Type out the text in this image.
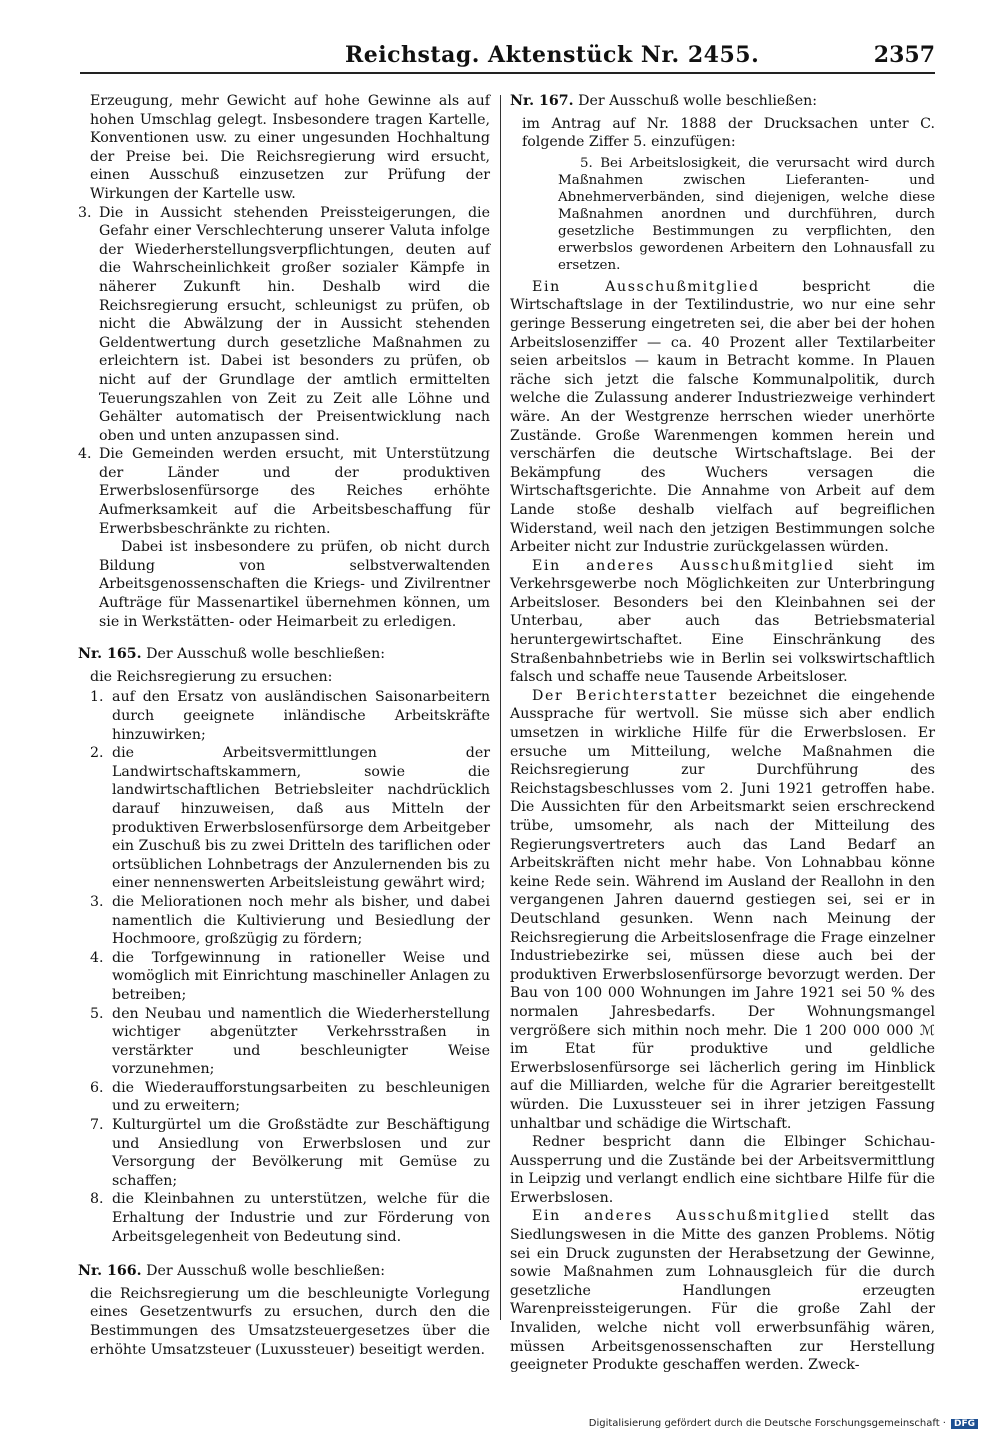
Reichstag. Aktenstück Nr. 2455.	2357

Erzeugung, mehr Gewicht auf hohe Gewinne als auf hohen Umschlag gelegt. Insbesondere tragen Kartelle, Konventionen usw. zu einer ungesunden Hochhaltung der Preise bei. Die Reichsregierung wird ersucht, einen Ausschuß einzusetzen zur Prüfung der Wirkungen der Kartelle usw.

3. Die in Aussicht stehenden Preissteigerungen, die Gefahr einer Verschlechterung unserer Valuta infolge der Wiederherstellungsverpflichtungen, deuten auf die Wahrscheinlichkeit großer sozialer Kämpfe in näherer Zukunft hin. Deshalb wird die Reichsregierung ersucht, schleunigst zu prüfen, ob nicht die Abwälzung der in Aussicht stehenden Geldentwertung durch gesetzliche Maßnahmen zu erleichtern ist. Dabei ist besonders zu prüfen, ob nicht auf der Grundlage der amtlich ermittelten Teuerungszahlen von Zeit zu Zeit alle Löhne und Gehälter automatisch der Preisentwicklung nach oben und unten anzupassen sind.
4. Die Gemeinden werden ersucht, mit Unterstützung der Länder und der produktiven Erwerbslosenfürsorge des Reiches erhöhte Aufmerksamkeit auf die Arbeitsbeschaffung für Erwerbsbeschränkte zu richten.

Dabei ist insbesondere zu prüfen, ob nicht durch Bildung von selbstverwaltenden Arbeitsgenossenschaften die Kriegs- und Zivilrentner Aufträge für Massenartikel übernehmen können, um sie in Werkstätten- oder Heimarbeit zu erledigen.

Nr. 165. Der Ausschuß wolle beschließen:

die Reichsregierung zu ersuchen:

1. auf den Ersatz von ausländischen Saisonarbeitern durch geeignete inländische Arbeitskräfte hinzuwirken;
2. die Arbeitsvermittlungen der Landwirtschaftskammern, sowie die landwirtschaftlichen Betriebsleiter nachdrücklich darauf hinzuweisen, daß aus Mitteln der produktiven Erwerbslosenfürsorge dem Arbeitgeber ein Zuschuß bis zu zwei Dritteln des tariflichen oder ortsüblichen Lohnbetrags der Anzulernenden bis zu einer nennenswerten Arbeitsleistung gewährt wird;
3. die Meliorationen noch mehr als bisher, und dabei namentlich die Kultivierung und Besiedlung der Hochmoore, großzügig zu fördern;
4. die Torfgewinnung in rationeller Weise und womöglich mit Einrichtung maschineller Anlagen zu betreiben;
5. den Neubau und namentlich die Wiederherstellung wichtiger abgenützter Verkehrsstraßen in verstärkter und beschleunigter Weise vorzunehmen;
6. die Wiederaufforstungsarbeiten zu beschleunigen und zu erweitern;
7. Kulturgürtel um die Großstädte zur Beschäftigung und Ansiedlung von Erwerbslosen und zur Versorgung der Bevölkerung mit Gemüse zu schaffen;
8. die Kleinbahnen zu unterstützen, welche für die Erhaltung der Industrie und zur Förderung von Arbeitsgelegenheit von Bedeutung sind.
Nr. 166. Der Ausschuß wolle beschließen:

die Reichsregierung um die beschleunigte Vorlegung eines Gesetzentwurfs zu ersuchen, durch den die Bestimmungen des Umsatzsteuergesetzes über die erhöhte Umsatzsteuer (Luxussteuer) beseitigt werden.

Nr. 167. Der Ausschuß wolle beschließen:

im Antrag auf Nr. 1888 der Drucksachen unter C. folgende Ziffer 5. einzufügen:

5. Bei Arbeitslosigkeit, die verursacht wird durch Maßnahmen zwischen Lieferanten- und Abnehmerverbänden, sind diejenigen, welche diese Maßnahmen anordnen und durchführen, durch gesetzliche Bestimmungen zu verpflichten, den erwerbslos gewordenen Arbeitern den Lohnausfall zu ersetzen.

Ein Ausschußmitglied bespricht die Wirtschaftslage in der Textilindustrie, wo nur eine sehr geringe Besserung eingetreten sei, die aber bei der hohen Arbeitslosenziffer — ca. 40 Prozent aller Textilarbeiter seien arbeitslos — kaum in Betracht komme. In Plauen räche sich jetzt die falsche Kommunalpolitik, durch welche die Zulassung anderer Industriezweige verhindert wäre. An der Westgrenze herrschen wieder unerhörte Zustände. Große Warenmengen kommen herein und verschärfen die deutsche Wirtschaftslage. Bei der Bekämpfung des Wuchers versagen die Wirtschaftsgerichte. Die Annahme von Arbeit auf dem Lande stoße deshalb vielfach auf begreiflichen Widerstand, weil nach den jetzigen Bestimmungen solche Arbeiter nicht zur Industrie zurückgelassen würden.

Ein anderes Ausschußmitglied sieht im Verkehrsgewerbe noch Möglichkeiten zur Unterbringung Arbeitsloser. Besonders bei den Kleinbahnen sei der Unterbau, aber auch das Betriebsmaterial heruntergewirtschaftet. Eine Einschränkung des Straßenbahnbetriebs wie in Berlin sei volkswirtschaftlich falsch und schaffe neue Tausende Arbeitsloser.

Der Berichterstatter bezeichnet die eingehende Aussprache für wertvoll. Sie müsse sich aber endlich umsetzen in wirkliche Hilfe für die Erwerbslosen. Er ersuche um Mitteilung, welche Maßnahmen die Reichsregierung zur Durchführung des Reichstagsbeschlusses vom 2. Juni 1921 getroffen habe. Die Aussichten für den Arbeitsmarkt seien erschreckend trübe, umsomehr, als nach der Mitteilung des Regierungsvertreters auch das Land Bedarf an Arbeitskräften nicht mehr habe. Von Lohnabbau könne keine Rede sein. Während im Ausland der Reallohn in den vergangenen Jahren dauernd gestiegen sei, sei er in Deutschland gesunken. Wenn nach Meinung der Reichsregierung die Arbeitslosenfrage die Frage einzelner Industriebezirke sei, müssen diese auch bei der produktiven Erwerbslosenfürsorge bevorzugt werden. Der Bau von 100 000 Wohnungen im Jahre 1921 sei 50 % des normalen Jahresbedarfs. Der Wohnungsmangel vergrößere sich mithin noch mehr. Die 1 200 000 000 ℳ im Etat für produktive und geldliche Erwerbslosenfürsorge sei lächerlich gering im Hinblick auf die Milliarden, welche für die Agrarier bereitgestellt würden. Die Luxussteuer sei in ihrer jetzigen Fassung unhaltbar und schädige die Wirtschaft.

Redner bespricht dann die Elbinger Schichau-Aussperrung und die Zustände bei der Arbeitsvermittlung in Leipzig und verlangt endlich eine sichtbare Hilfe für die Erwerbslosen.

Ein anderes Ausschußmitglied stellt das Siedlungswesen in die Mitte des ganzen Problems. Nötig sei ein Druck zugunsten der Herabsetzung der Gewinne, sowie Maßnahmen zum Lohnausgleich für die durch gesetzliche Handlungen erzeugten Warenpreissteigerungen. Für die große Zahl der Invaliden, welche nicht voll erwerbsunfähig wären, müssen Arbeitsgenossenschaften zur Herstellung geeigneter Produkte geschaffen werden. Zweck-

Digitalisierung gefördert durch die Deutsche Forschungsgemeinschaft · DFG
